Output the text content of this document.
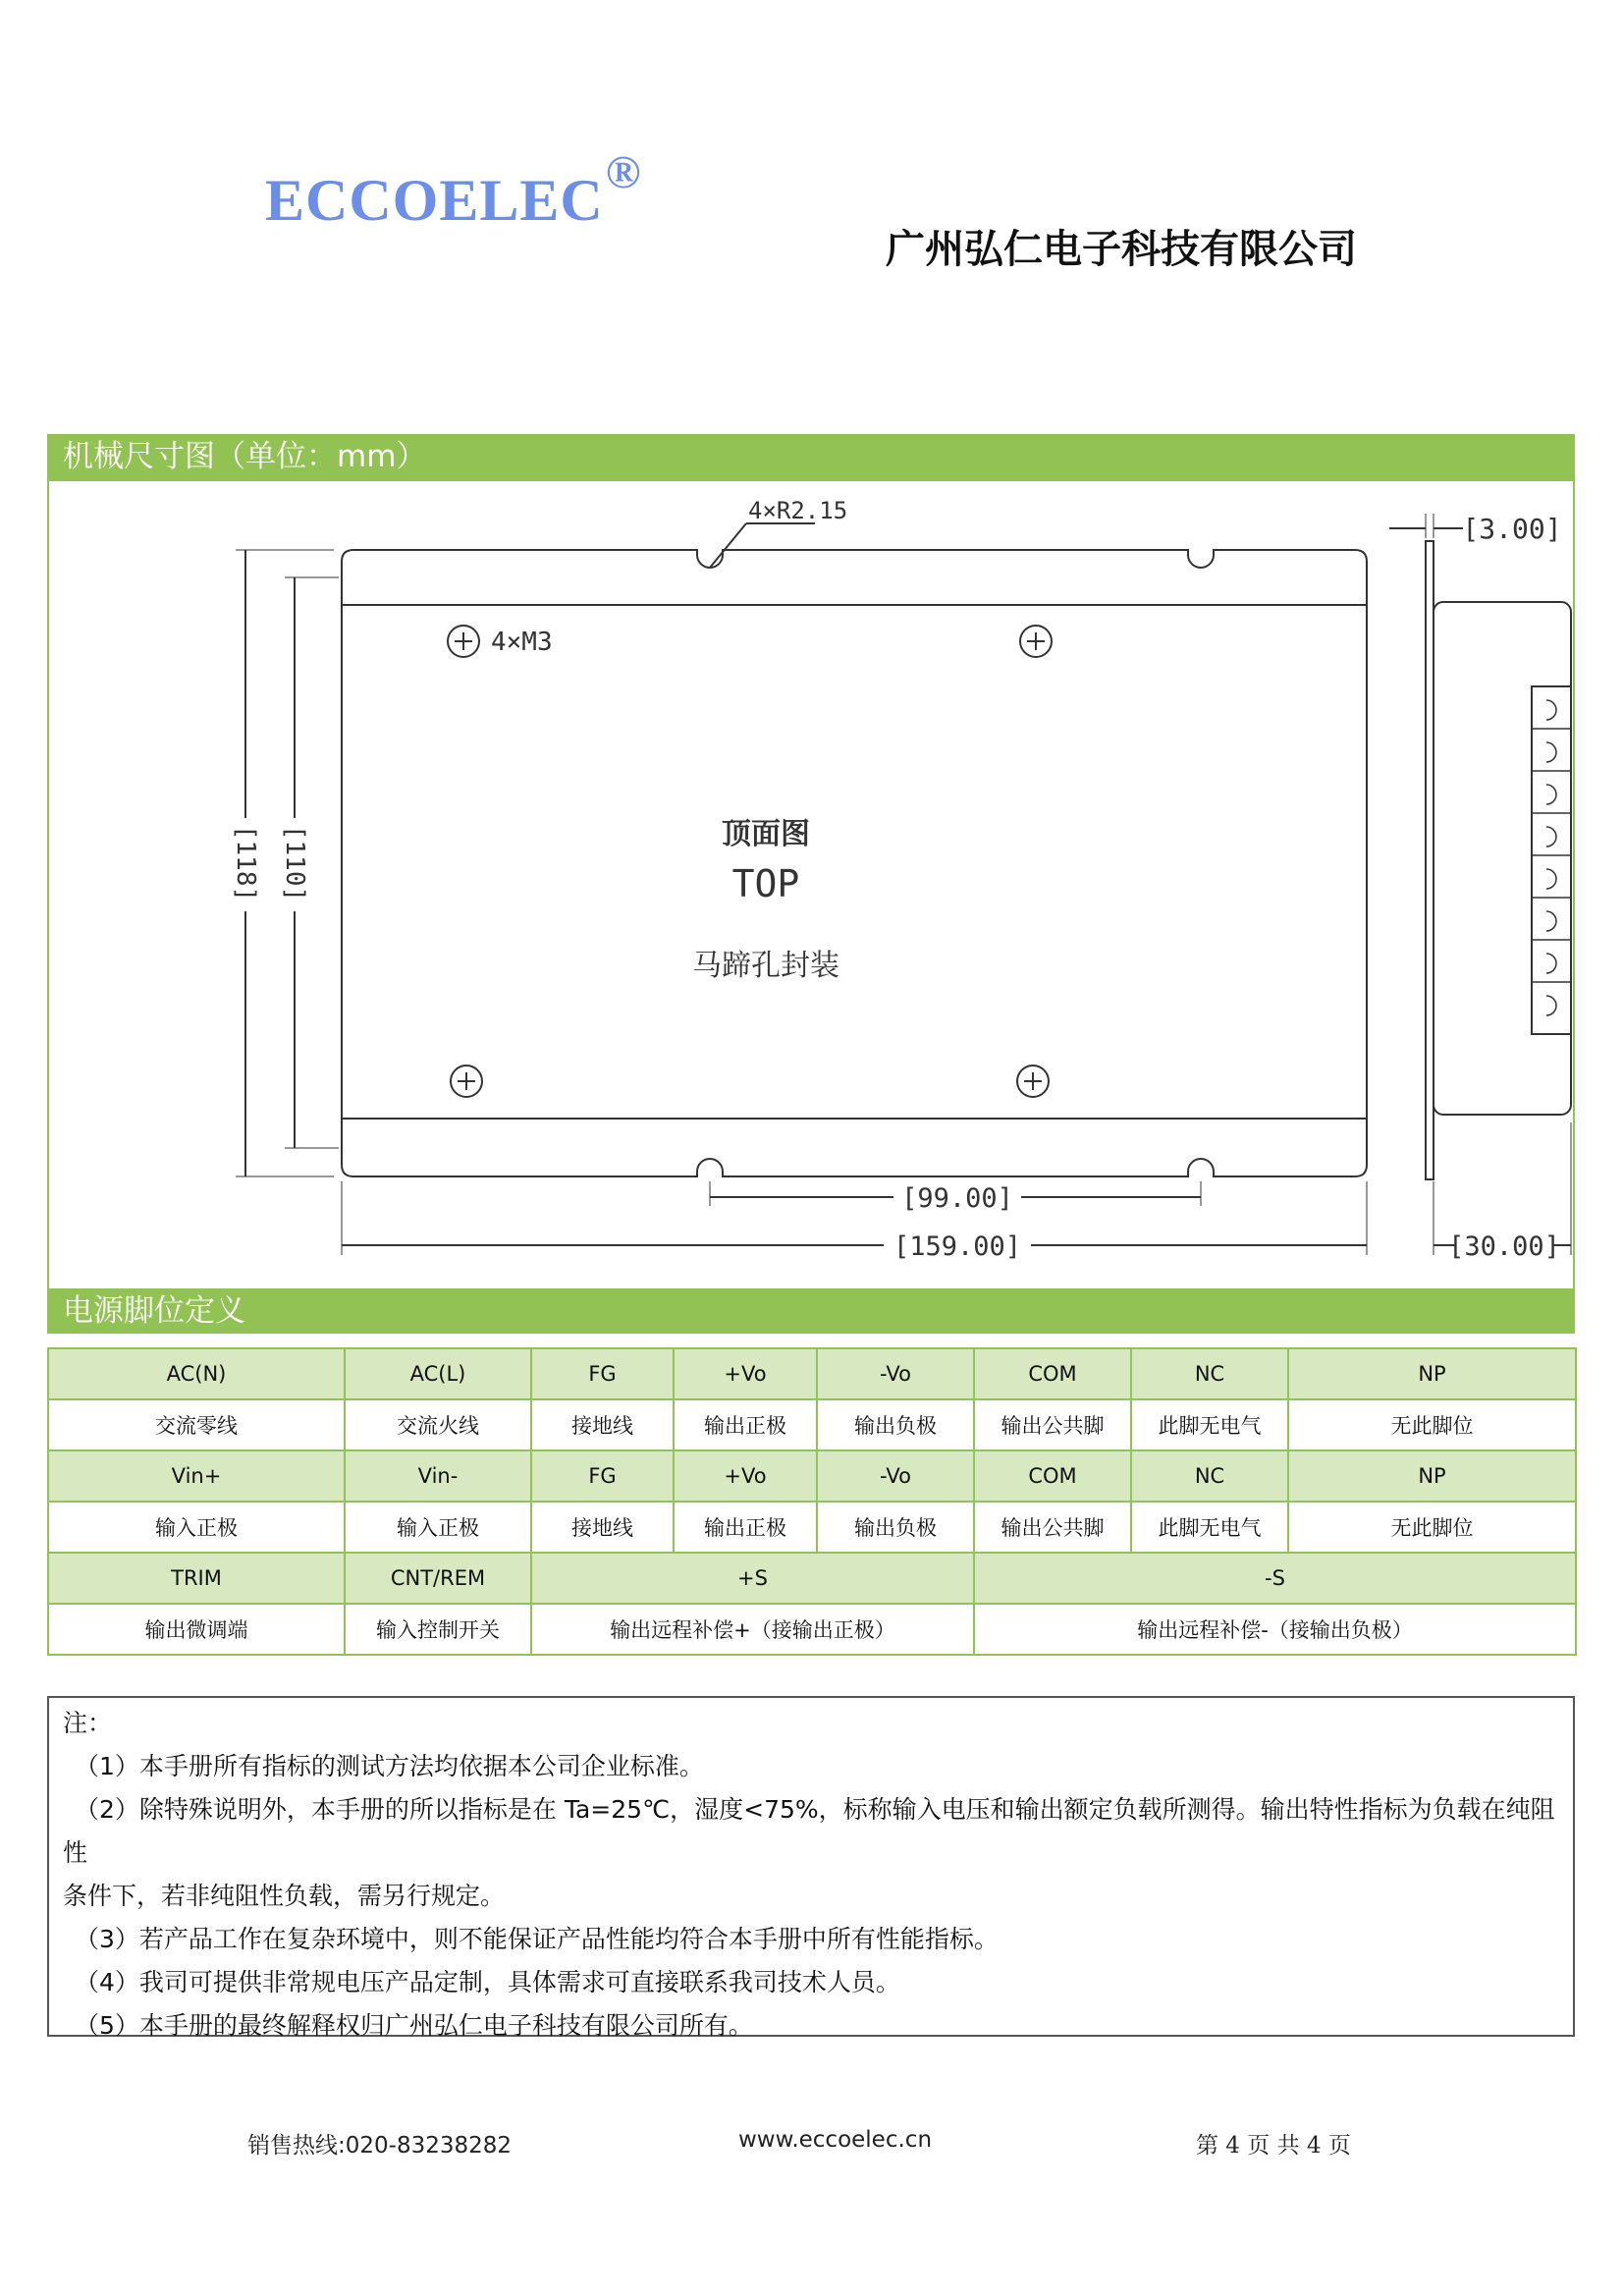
ECCOELEC®
广州弘仁电子科技有限公司
机械尺寸图（单位：mm）
4×R2.15
4×M3
顶面图
TOP
马蹄孔封装
[118] [110]
[99.00]
[159.00]
[3.00]
[30.00]
电源脚位定义
AC(N)	AC(L)	FG	+Vo	-Vo	COM	NC	NP
交流零线	交流火线	接地线	输出正极	输出负极	输出公共脚	此脚无电气	无此脚位
Vin+	Vin-	FG	+Vo	-Vo	COM	NC	NP
输入正极	输入正极	接地线	输出正极	输出负极	输出公共脚	此脚无电气	无此脚位
TRIM	CNT/REM	+S			-S		
输出微调端	输入控制开关	输出远程补偿+（接输出正极）			输出远程补偿-（接输出负极）		

注：

（1）本手册所有指标的测试方法均依据本公司企业标准。

（2）除特殊说明外，本手册的所以指标是在 Ta=25℃，湿度<75%，标称输入电压和输出额定负载所测得。输出特性指标为负载在纯阻性

条件下，若非纯阻性负载，需另行规定。

（3）若产品工作在复杂环境中，则不能保证产品性能均符合本手册中所有性能指标。

（4）我司可提供非常规电压产品定制，具体需求可直接联系我司技术人员。

（5）本手册的最终解释权归广州弘仁电子科技有限公司所有。

销售热线:020-83238282	www.eccoelec.cn	第 4 页 共 4 页
